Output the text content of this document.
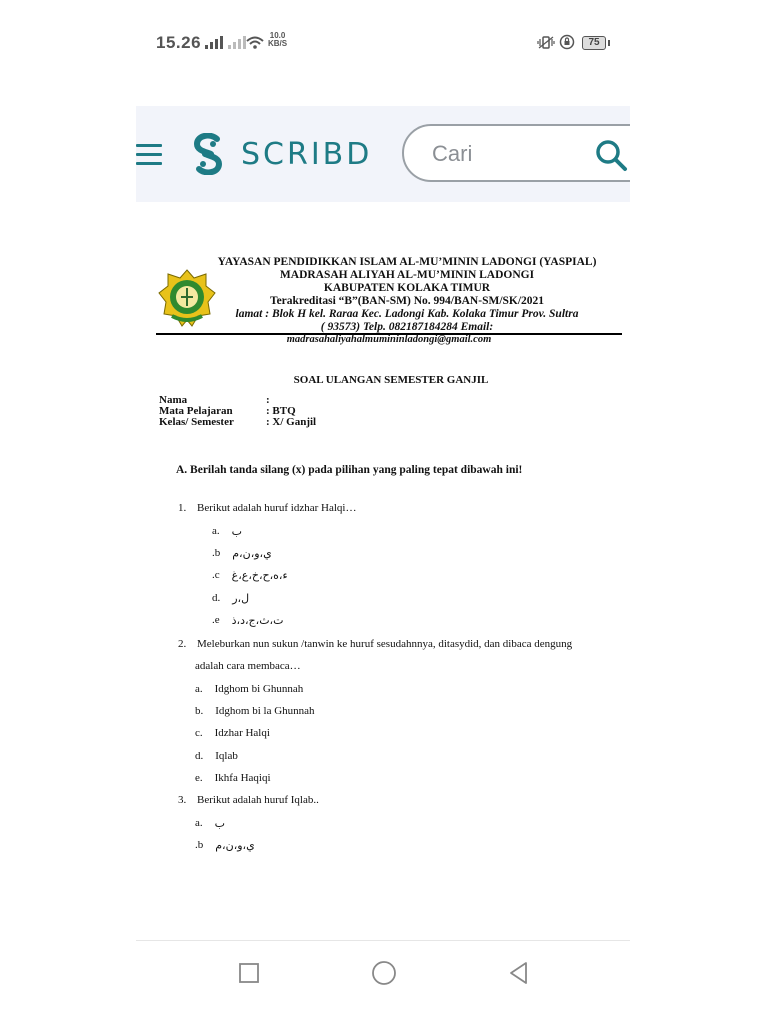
15.26	10.0
KB/S	75
SCRIBD
Cari
YAYASAN PENDIDIKKAN ISLAM AL-MU’MININ LADONGI (YASPIAL)
MADRASAH ALIYAH AL-MU’MININ LADONGI
KABUPATEN KOLAKA TIMUR
Terakreditasi “B”(BAN-SM) No. 994/BAN-SM/SK/2021
lamat : Blok H kel. Raraa Kec. Ladongi Kab. Kolaka Timur Prov. Sultra
( 93573) Telp. 082187184284 Email:
madrasahaliyahalmumininladongi@gmail.com
SOAL ULANGAN SEMESTER GANJIL
Nama	:
Mata Pelajaran	: BTQ
Kelas/ Semester	: X/ Ganjil
A. Berilah tanda silang (x) pada pilihan yang paling tepat dibawah ini!
1. Berikut adalah huruf idzhar Halqi…
a. ب
.b ي،و،ن،م
.c ء،ه،ح،خ،ع،غ
d. ل،ر
.e ت،ث،ج،د،ذ
2. Meleburkan nun sukun /tanwin ke huruf sesudahnnya, ditasydid, dan dibaca dengung
adalah cara membaca…
a. Idghom bi Ghunnah
b. Idghom bi la Ghunnah
c. Idzhar Halqi
d. Iqlab
e. Ikhfa Haqiqi
3. Berikut adalah huruf Iqlab..
a. ب
.b ي،و،ن،م
